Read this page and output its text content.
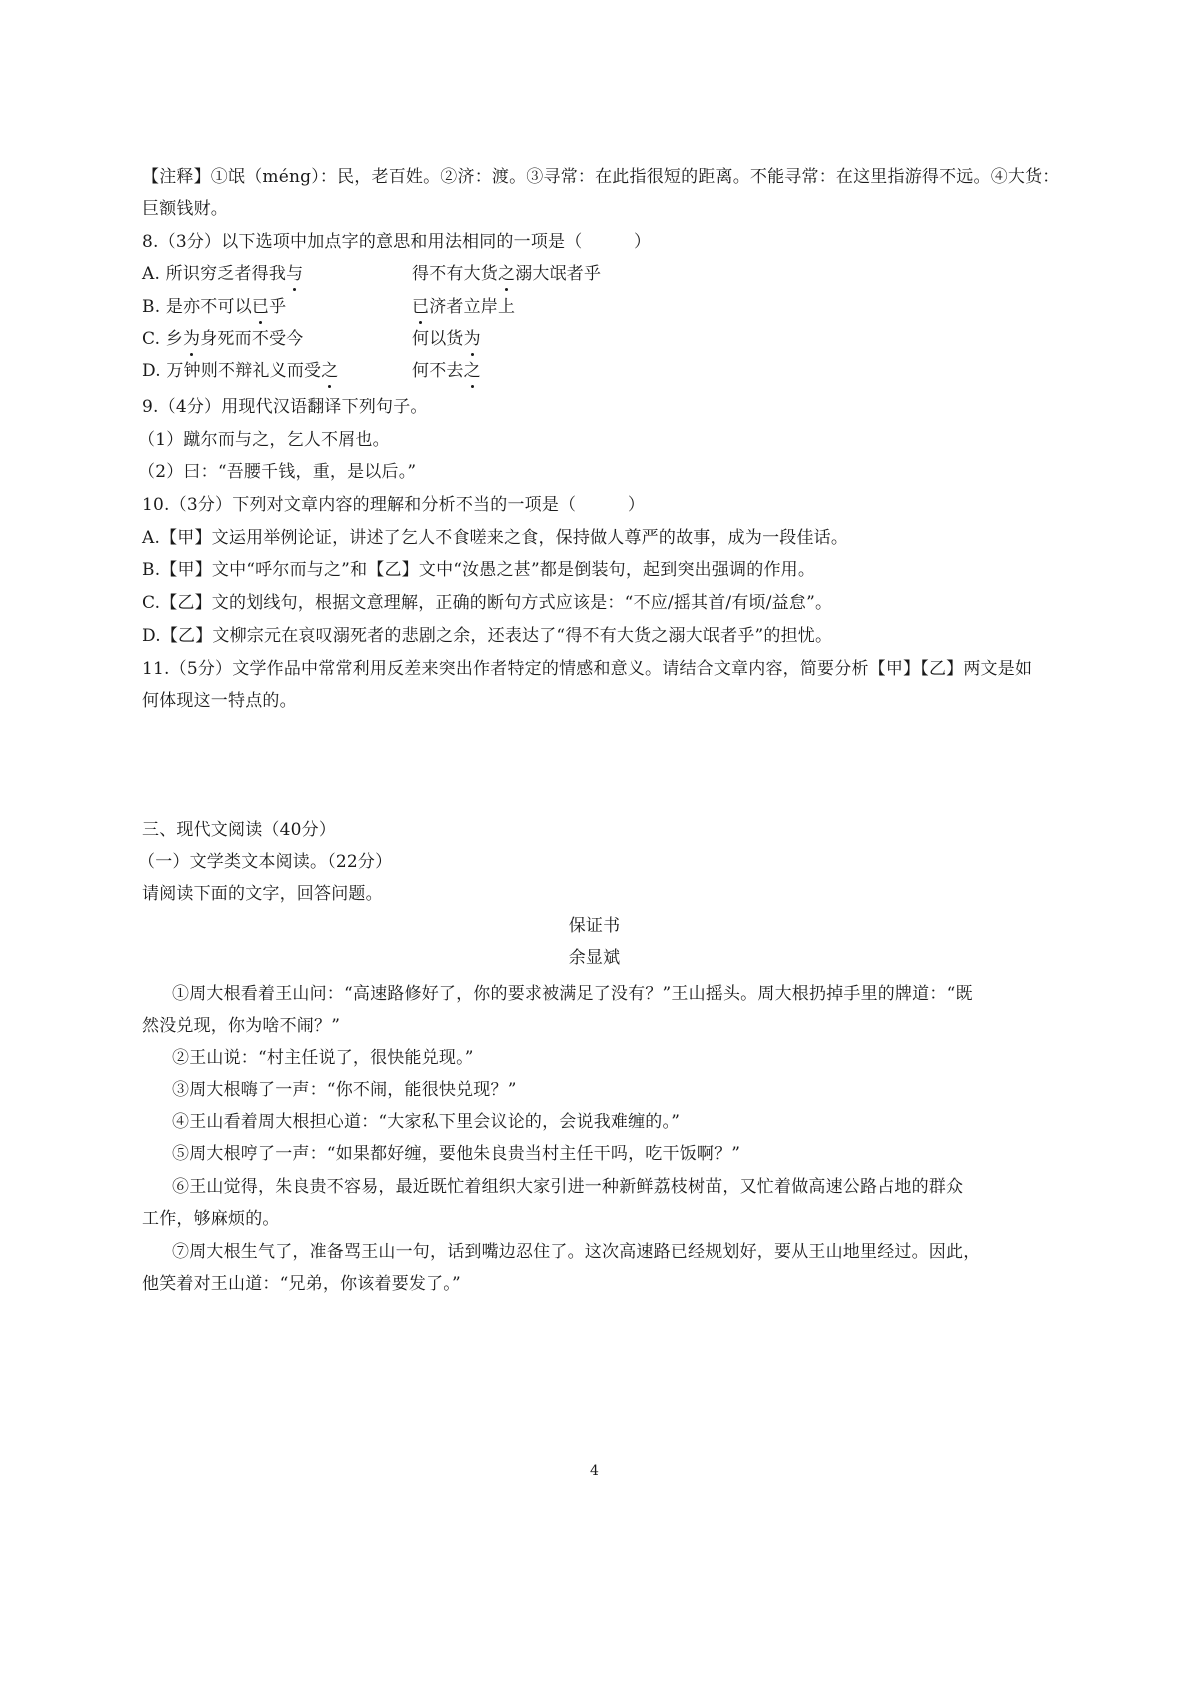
【注释】①氓（méng）：民，老百姓。②济：渡。③寻常：在此指很短的距离。不能寻常：在这里指游得不远。④大货：
巨额钱财。
8.（3分）以下选项中加点字的意思和用法相同的一项是（　　　）
A. 所识穷乏者得我与	得不有大货之溺大氓者乎
B. 是亦不可以已乎	已济者立岸上
C. 乡为身死而不受今	何以货为
D. 万钟则不辩礼义而受之	何不去之
9.（4分）用现代汉语翻译下列句子。
（1）蹴尔而与之，乞人不屑也。
（2）曰：“吾腰千钱，重，是以后。”
10.（3分）下列对文章内容的理解和分析不当的一项是（　　　）
A.【甲】文运用举例论证，讲述了乞人不食嗟来之食，保持做人尊严的故事，成为一段佳话。
B.【甲】文中“呼尔而与之”和【乙】文中“汝愚之甚”都是倒装句，起到突出强调的作用。
C.【乙】文的划线句，根据文意理解，正确的断句方式应该是：“不应/摇其首/有顷/益怠”。
D.【乙】文柳宗元在哀叹溺死者的悲剧之余，还表达了“得不有大货之溺大氓者乎”的担忧。
11.（5分）文学作品中常常利用反差来突出作者特定的情感和意义。请结合文章内容，简要分析【甲】【乙】两文是如
何体现这一特点的。
三、现代文阅读（40分）
（一）文学类文本阅读。（22分）
请阅读下面的文字，回答问题。
保证书
余显斌
①周大根看着王山问：“高速路修好了，你的要求被满足了没有？”王山摇头。周大根扔掉手里的牌道：“既
然没兑现，你为啥不闹？”
②王山说：“村主任说了，很快能兑现。”
③周大根嗨了一声：“你不闹，能很快兑现？”
④王山看着周大根担心道：“大家私下里会议论的，会说我难缠的。”
⑤周大根哼了一声：“如果都好缠，要他朱良贵当村主任干吗，吃干饭啊？”
⑥王山觉得，朱良贵不容易，最近既忙着组织大家引进一种新鲜荔枝树苗，又忙着做高速公路占地的群众
工作，够麻烦的。
⑦周大根生气了，准备骂王山一句，话到嘴边忍住了。这次高速路已经规划好，要从王山地里经过。因此，
他笑着对王山道：“兄弟，你该着要发了。”
4
